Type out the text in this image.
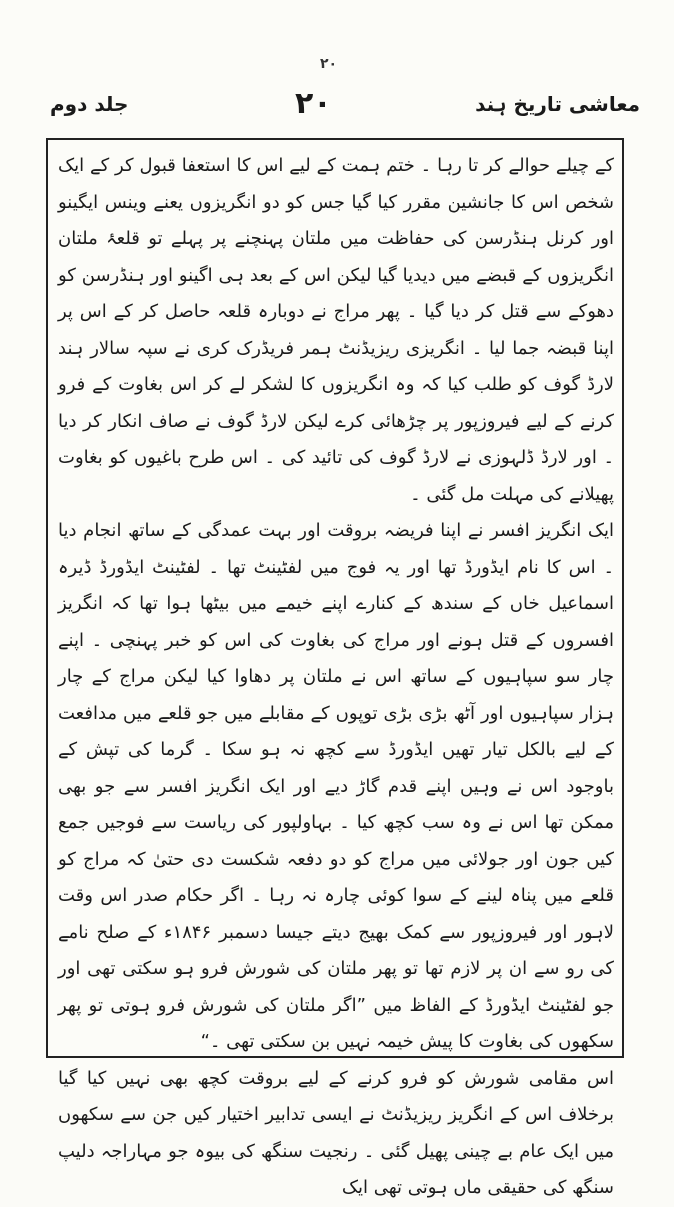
۲۰
جلد دوم	۲۰	معاشی تاریخ ہند

کے چیلے حوالے کر تا رہا ۔ ختم ہمت کے لیے اس کا استعفا قبول کر کے ایک شخص اس کا جانشین مقرر کیا گیا جس کو دو انگریزوں یعنے وینس ایگینو اور کرنل ہنڈرسن کی حفاظت میں ملتان پہنچنے پر پہلے تو قلعۂ ملتان انگریزوں کے قبضے میں دیدیا گیا لیکن اس کے بعد ہی اگینو اور ہنڈرسن کو دھوکے سے قتل کر دیا گیا ۔ پھر مراج نے دوبارہ قلعہ حاصل کر کے اس پر اپنا قبضہ جما لیا ۔ انگریزی ریزیڈنٹ ہمر فریڈرک کری نے سپہ سالار ہند لارڈ گوف کو طلب کیا کہ وہ انگریزوں کا لشکر لے کر اس بغاوت کے فرو کرنے کے لیے فیروزپور پر چڑھائی کرے لیکن لارڈ گوف نے صاف انکار کر دیا ۔ اور لارڈ ڈلہوزی نے لارڈ گوف کی تائید کی ۔ اس طرح باغیوں کو بغاوت پھیلانے کی مہلت مل گئی ۔

ایک انگریز افسر نے اپنا فریضہ بروقت اور بہت عمدگی کے ساتھ انجام دیا ۔ اس کا نام ایڈورڈ تھا اور یہ فوج میں لفٹینٹ تھا ۔ لفٹینٹ ایڈورڈ ڈیرہ اسماعیل خاں کے سندھ کے کنارے اپنے خیمے میں بیٹھا ہوا تھا کہ انگریز افسروں کے قتل ہونے اور مراج کی بغاوت کی اس کو خبر پہنچی ۔ اپنے چار سو سپاہیوں کے ساتھ اس نے ملتان پر دھاوا کیا لیکن مراج کے چار ہزار سپاہیوں اور آٹھ بڑی بڑی توپوں کے مقابلے میں جو قلعے میں مدافعت کے لیے بالکل تیار تھیں ایڈورڈ سے کچھ نہ ہو سکا ۔ گرما کی تپش کے باوجود اس نے وہیں اپنے قدم گاڑ دیے اور ایک انگریز افسر سے جو بھی ممکن تھا اس نے وہ سب کچھ کیا ۔ بہاولپور کی ریاست سے فوجیں جمع کیں جون اور جولائی میں مراج کو دو دفعہ شکست دی حتیٰ کہ مراج کو قلعے میں پناہ لینے کے سوا کوئی چارہ نہ رہا ۔ اگر حکام صدر اس وقت لاہور اور فیروزپور سے کمک بھیج دیتے جیسا دسمبر ۱۸۴۶ء کے صلح نامے کی رو سے ان پر لازم تھا تو پھر ملتان کی شورش فرو ہو سکتی تھی اور جو لفٹینٹ ایڈورڈ کے الفاظ میں ”اگر ملتان کی شورش فرو ہوتی تو پھر سکھوں کی بغاوت کا پیش خیمہ نہیں بن سکتی تھی ۔“

اس مقامی شورش کو فرو کرنے کے لیے بروقت کچھ بھی نہیں کیا گیا برخلاف اس کے انگریز ریزیڈنٹ نے ایسی تدابیر اختیار کیں جن سے سکھوں میں ایک عام بے چینی پھیل گئی ۔ رنجیت سنگھ کی بیوہ جو مہاراجہ دلیپ سنگھ کی حقیقی ماں ہوتی تھی ایک
